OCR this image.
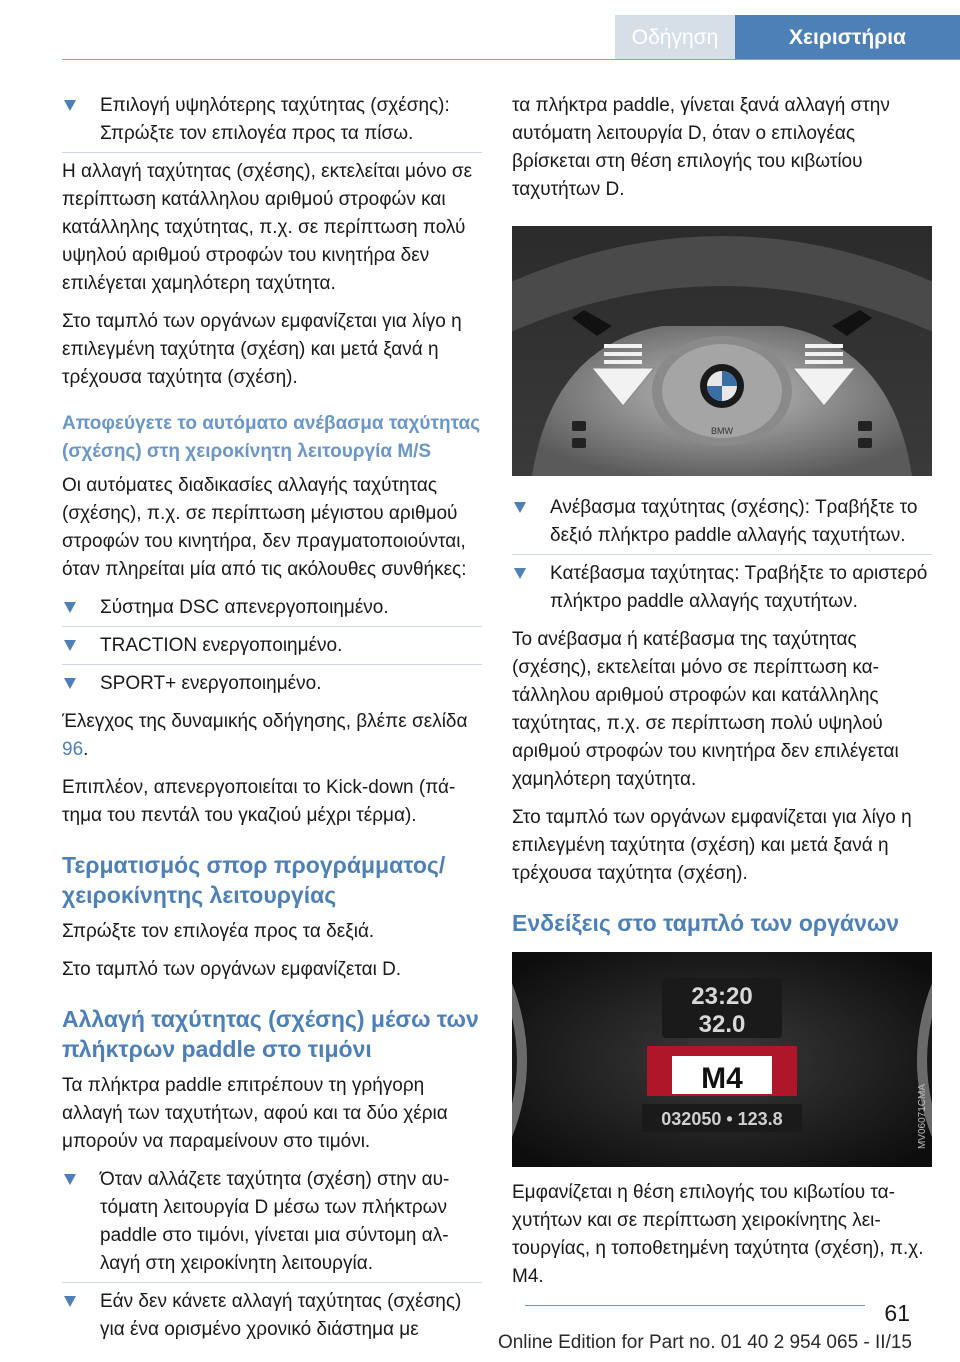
Οδήγηση	Χειριστήρια
Επιλογή υψηλότερης ταχύτητας (σχέσης): Σπρώξτε τον επιλογέα προς τα πίσω.

Η αλλαγή ταχύτητας (σχέσης), εκτελείται μόνο σε περίπτωση κατάλληλου αριθμού στροφών και κατάλληλης ταχύτητας, π.χ. σε περίπτωση πολύ υψηλού αριθμού στροφών του κινητήρα δεν επιλέγεται χαμηλότερη ταχύτητα.

Στο ταμπλό των οργάνων εμφανίζεται για λίγο η επιλεγμένη ταχύτητα (σχέση) και μετά ξανά η τρέχουσα ταχύτητα (σχέση).

Αποφεύγετε το αυτόματο ανέβασμα ταχύτητας (σχέσης) στη χειροκίνητη λειτουργία M/S

Οι αυτόματες διαδικασίες αλλαγής ταχύτητας (σχέσης), π.χ. σε περίπτωση μέγιστου αριθμού στροφών του κινητήρα, δεν πραγματοποιούνται, όταν πληρείται μία από τις ακόλουθες συνθήκες:

Σύστημα DSC απενεργοποιημένο.
TRACTION ενεργοποιημένο.
SPORT+ ενεργοποιημένο.

Έλεγχος της δυναμικής οδήγησης, βλέπε σελίδα 96.

Επιπλέον, απενεργοποιείται το Kick-down (πάτημα του πεντάλ του γκαζιού μέχρι τέρμα).

Τερματισμός σπορ προγράμματος/ χειροκίνητης λειτουργίας

Σπρώξτε τον επιλογέα προς τα δεξιά.

Στο ταμπλό των οργάνων εμφανίζεται D.

Αλλαγή ταχύτητας (σχέσης) μέσω των πλήκτρων paddle στο τιμόνι

Τα πλήκτρα paddle επιτρέπουν τη γρήγορη αλλαγή των ταχυτήτων, αφού και τα δύο χέρια μπορούν να παραμείνουν στο τιμόνι.

Όταν αλλάζετε ταχύτητα (σχέση) στην αυτόματη λειτουργία D μέσω των πλήκτρων paddle στο τιμόνι, γίνεται μια σύντομη αλλαγή στη χειροκίνητη λειτουργία.
Εάν δεν κάνετε αλλαγή ταχύτητας (σχέσης) για ένα ορισμένο χρονικό διάστημα με

τα πλήκτρα paddle, γίνεται ξανά αλλαγή στην αυτόματη λειτουργία D, όταν ο επιλογέας βρίσκεται στη θέση επιλογής του κιβωτίου ταχυτήτων D.

BMW
Ανέβασμα ταχύτητας (σχέσης): Τραβήξτε το δεξιό πλήκτρο paddle αλλαγής ταχυτήτων.
Κατέβασμα ταχύτητας: Τραβήξτε το αριστερό πλήκτρο paddle αλλαγής ταχυτήτων.

Το ανέβασμα ή κατέβασμα της ταχύτητας (σχέσης), εκτελείται μόνο σε περίπτωση κατάλληλου αριθμού στροφών και κατάλληλης ταχύτητας, π.χ. σε περίπτωση πολύ υψηλού αριθμού στροφών του κινητήρα δεν επιλέγεται χαμηλότερη ταχύτητα.

Στο ταμπλό των οργάνων εμφανίζεται για λίγο η επιλεγμένη ταχύτητα (σχέση) και μετά ξανά η τρέχουσα ταχύτητα (σχέση).

Ενδείξεις στο ταμπλό των οργάνων
23:20
32.0
M4
032050 • 123.8	MV06071CMA

Εμφανίζεται η θέση επιλογής του κιβωτίου ταχυτήτων και σε περίπτωση χειροκίνητης λειτουργίας, η τοποθετημένη ταχύτητα (σχέση), π.χ. M4.

61
Online Edition for Part no. 01 40 2 954 065 - II/15
